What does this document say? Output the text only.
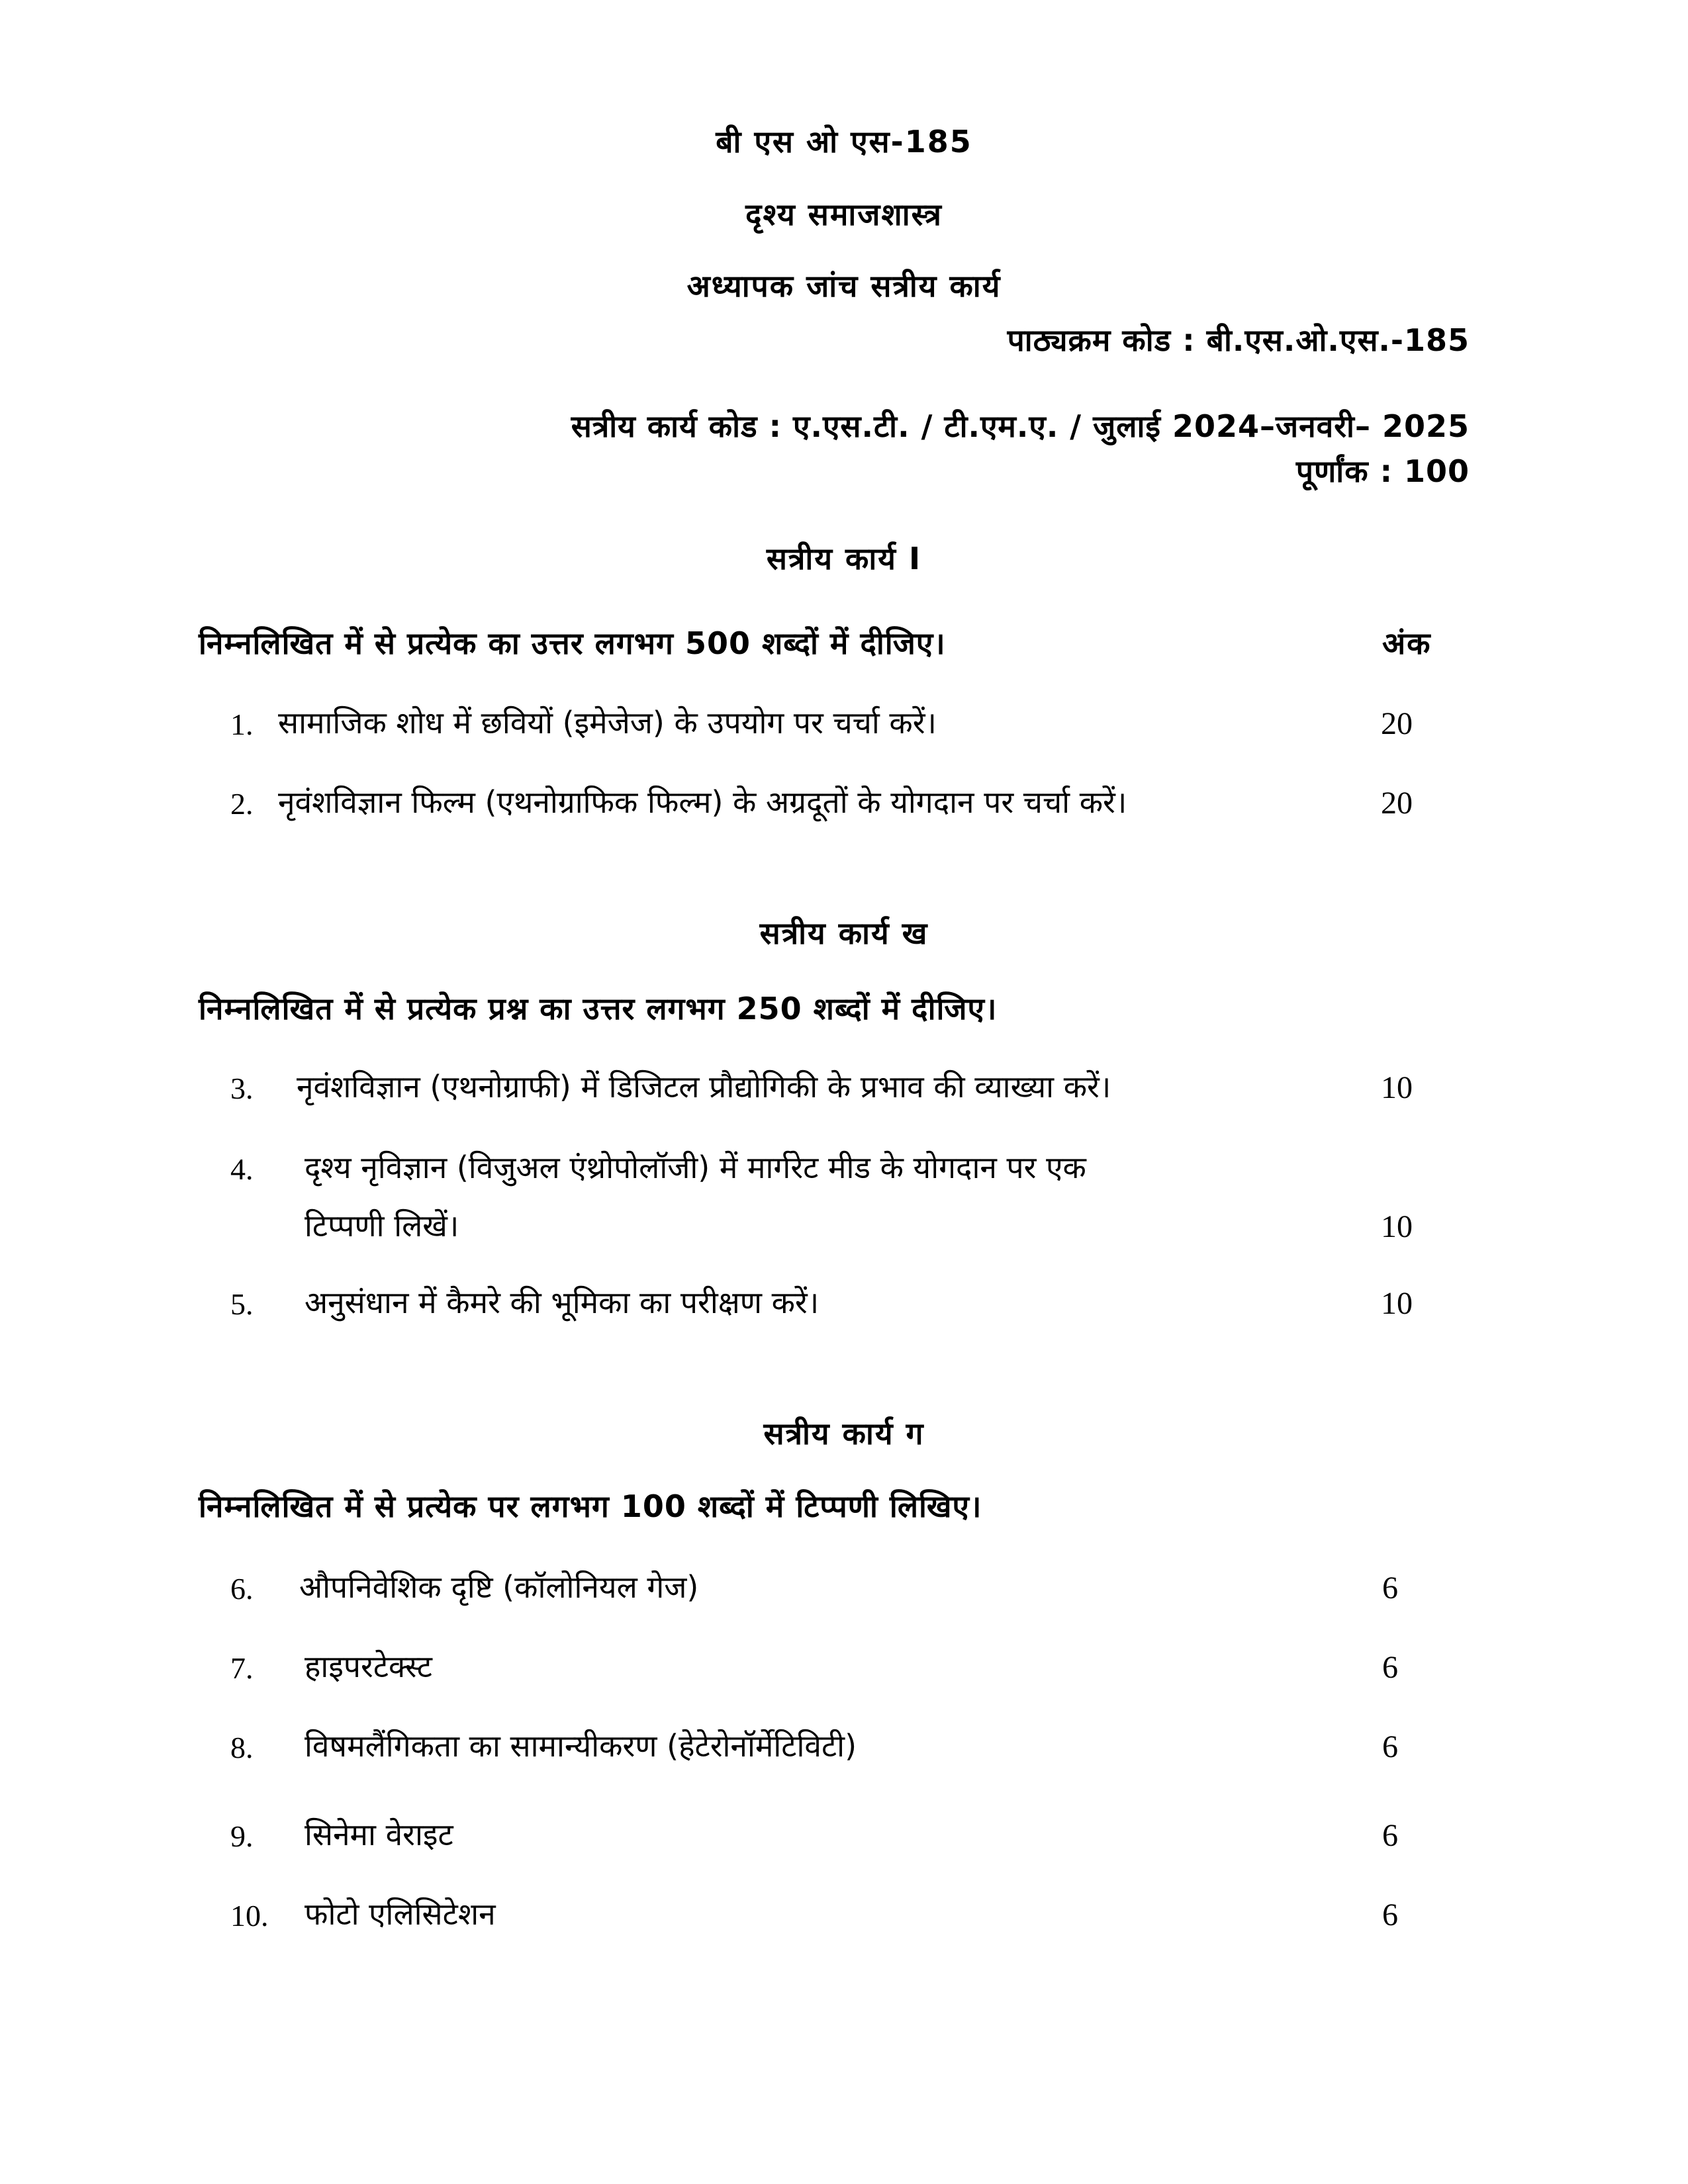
बी एस ओ एस-185
दृश्य समाजशास्त्र
अध्यापक जांच सत्रीय कार्य
पाठ्यक्रम कोड : बी.एस.ओ.एस.-185
सत्रीय कार्य कोड : ए.एस.टी. / टी.एम.ए. / जुलाई 2024–जनवरी– 2025
पूर्णांक : 100
सत्रीय कार्य I
निम्नलिखित में से प्रत्येक का उत्तर लगभग 500 शब्दों में दीजिए।	अंक
1. सामाजिक शोध में छवियों (इमेजेज) के उपयोग पर चर्चा करें।	20
2. नृवंशविज्ञान फिल्म (एथनोग्राफिक फिल्म) के अग्रदूतों के योगदान पर चर्चा करें।	20
सत्रीय कार्य ख
निम्नलिखित में से प्रत्येक प्रश्न का उत्तर लगभग 250 शब्दों में दीजिए।
3. नृवंशविज्ञान (एथनोग्राफी) में डिजिटल प्रौद्योगिकी के प्रभाव की व्याख्या करें।	10
4. दृश्य नृविज्ञान (विजुअल एंथ्रोपोलॉजी) में मार्गरेट मीड के योगदान पर एक
टिप्पणी लिखें।	10
5. अनुसंधान में कैमरे की भूमिका का परीक्षण करें।	10
सत्रीय कार्य ग
निम्नलिखित में से प्रत्येक पर लगभग 100 शब्दों में टिप्पणी लिखिए।
6. औपनिवेशिक दृष्टि (कॉलोनियल गेज)	6
7. हाइपरटेक्स्ट	6
8. विषमलैंगिकता का सामान्यीकरण (हेटेरोनॉर्मेटिविटी)	6
9. सिनेमा वेराइट	6
10. फोटो एलिसिटेशन	6
